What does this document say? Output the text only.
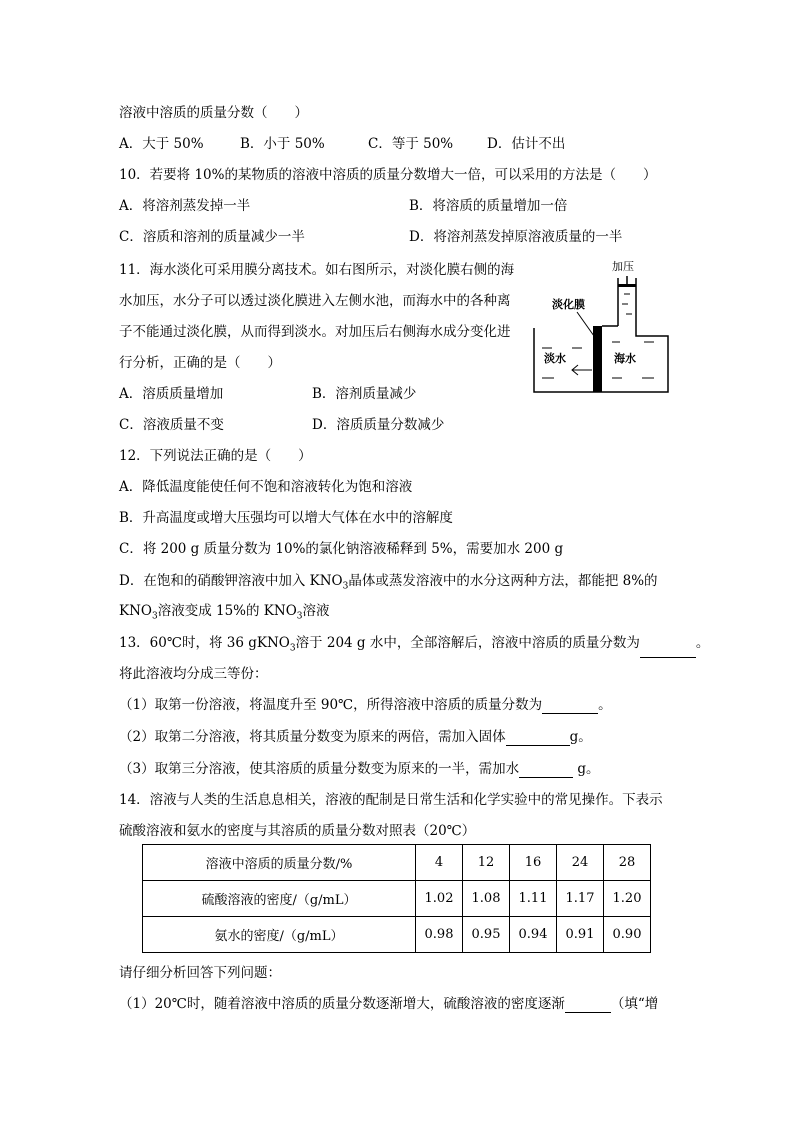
溶液中溶质的质量分数（　　）
A．大于 50%	B．小于 50%	C．等于 50%	D．估计不出
10．若要将 10%的某物质的溶液中溶质的质量分数增大一倍，可以采用的方法是（　　）
A．将溶剂蒸发掉一半	B．将溶质的质量增加一倍
C．溶质和溶剂的质量减少一半	D．将溶剂蒸发掉原溶液质量的一半
11．海水淡化可采用膜分离技术。如右图所示，对淡化膜右侧的海
水加压，水分子可以透过淡化膜进入左侧水池，而海水中的各种离
子不能通过淡化膜，从而得到淡水。对加压后右侧海水成分变化进
行分析，正确的是（　　）
A．溶质质量增加	B．溶剂质量减少
C．溶液质量不变	D．溶质质量分数减少
加压
淡化膜
淡水	海水
12．下列说法正确的是（　　）
A．降低温度能使任何不饱和溶液转化为饱和溶液
B．升高温度或增大压强均可以增大气体在水中的溶解度
C．将 200 g 质量分数为 10%的氯化钠溶液稀释到 5%，需要加水 200 g
D．在饱和的硝酸钾溶液中加入 $KNO_3$晶体或蒸发溶液中的水分这两种方法，都能把 8%的
$KNO_3$溶液变成 15%的 $KNO_3$溶液
13．60℃时，将 36 gKNO$_3$溶于 204 g 水中，全部溶解后，溶液中溶质的质量分数为	。
将此溶液均分成三等份：
（1）取第一份溶液，将温度升至 90℃，所得溶液中溶质的质量分数为	。
（2）取第二分溶液，将其质量分数变为原来的两倍，需加入固体	g。
（3）取第三分溶液，使其溶质的质量分数变为原来的一半，需加水	g。
14．溶液与人类的生活息息相关，溶液的配制是日常生活和化学实验中的常见操作。下表示
硫酸溶液和氨水的密度与其溶质的质量分数对照表（20℃）
溶液中溶质的质量分数/%	4	12	16	24	28
硫酸溶液的密度/（g/mL）	1.02	1.08	1.11	1.17	1.20
氨水的密度/（g/mL）	0.98	0.95	0.94	0.91	0.90
请仔细分析回答下列问题：
（1）20℃时，随着溶液中溶质的质量分数逐渐增大，硫酸溶液的密度逐渐	（填“增
